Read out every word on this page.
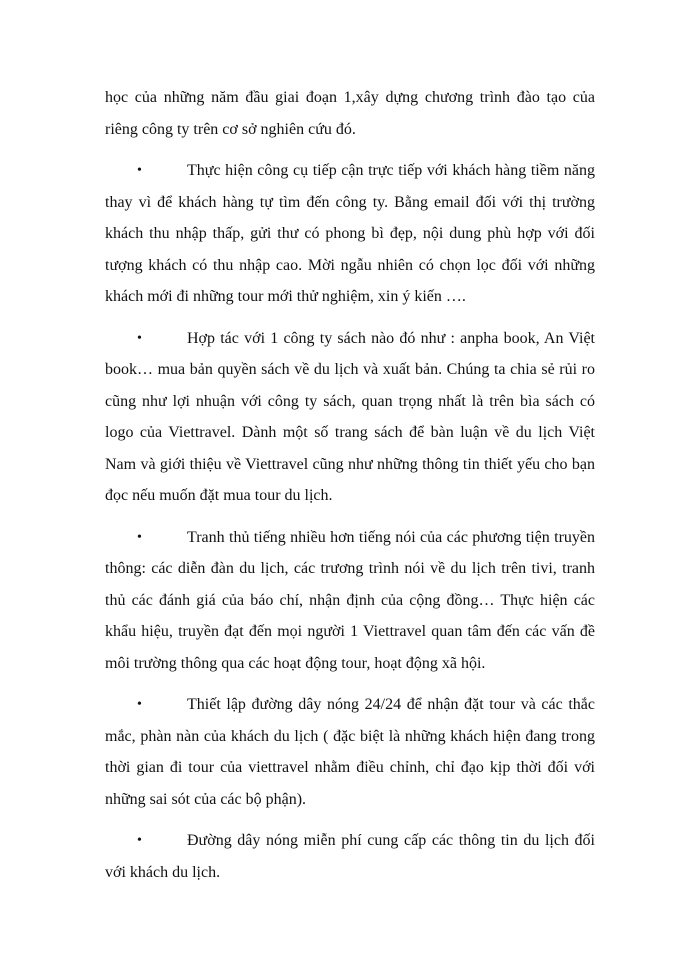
học của những năm đầu giai đoạn 1,xây dựng chương trình đào tạo của riêng công ty trên cơ sở nghiên cứu đó.

•	Thực hiện công cụ tiếp cận trực tiếp với khách hàng tiềm năng thay vì để khách hàng tự tìm đến công ty. Bằng email đối với thị trường khách thu nhập thấp, gửi thư có phong bì đẹp, nội dung phù hợp với đối tượng khách có thu nhập cao. Mời ngẫu nhiên có chọn lọc đối với những khách mới đi những tour mới thử nghiệm, xin ý kiến ….
•	Hợp tác với 1 công ty sách nào đó như : anpha book, An Việt book… mua bản quyền sách về du lịch và xuất bản. Chúng ta chia sẻ rủi ro cũng như lợi nhuận với công ty sách, quan trọng nhất là trên bìa sách có logo của Viettravel. Dành một số trang sách để bàn luận về du lịch Việt Nam và giới thiệu về Viettravel cũng như những thông tin thiết yếu cho bạn đọc nếu muốn đặt mua tour du lịch.
•	Tranh thủ tiếng nhiều hơn tiếng nói của các phương tiện truyền thông: các diễn đàn du lịch, các trương trình nói về du lịch trên tivi, tranh thủ các đánh giá của báo chí, nhận định của cộng đồng… Thực hiện các khẩu hiệu, truyền đạt đến mọi người 1 Viettravel quan tâm đến các vấn đề môi trường thông qua các hoạt động tour, hoạt động xã hội.
•	Thiết lập đường dây nóng 24/24 để nhận đặt tour và các thắc mắc, phàn nàn của khách du lịch ( đặc biệt là những khách hiện đang trong thời gian đi tour của viettravel nhằm điều chỉnh, chỉ đạo kịp thời đối với những sai sót của các bộ phận).
•	Đường dây nóng miễn phí cung cấp các thông tin du lịch đối với khách du lịch.
